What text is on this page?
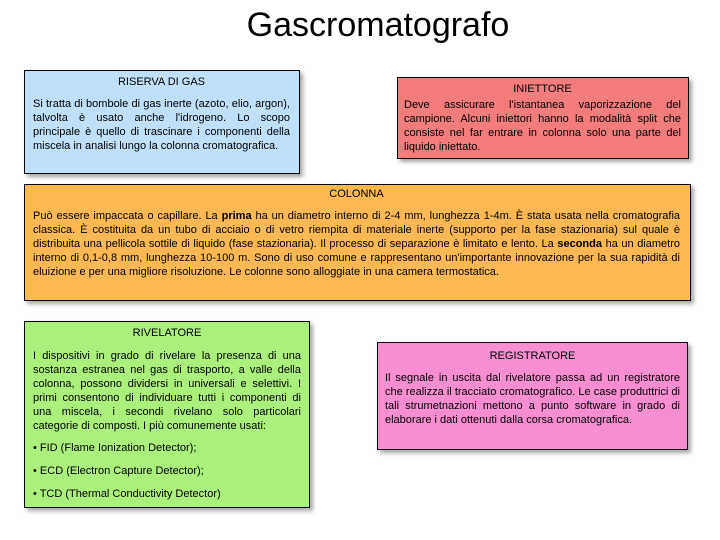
Gascromatografo
RISERVA DI GAS

Si tratta di bombole di gas inerte (azoto, elio, argon), talvolta è usato anche l'idrogeno. Lo scopo principale è quello di trascinare i componenti della miscela in analisi lungo la colonna cromatografica.

INIETTORE

Deve assicurare l'istantanea vaporizzazione del campione. Alcuni iniettori hanno la modalità split che consiste nel far entrare in colonna solo una parte del liquido iniettato.

COLONNA

Può essere impaccata o capillare. La prima ha un diametro interno di 2-4 mm, lunghezza 1-4m. È stata usata nella cromatografia classica. È costituita da un tubo di acciaio o di vetro riempita di materiale inerte (supporto per la fase stazionaria) sul quale è distribuita una pellicola sottile di liquido (fase stazionaria). Il processo di separazione è limitato e lento. La seconda ha un diametro interno di 0,1-0,8 mm, lunghezza 10-100 m. Sono di uso comune e rappresentano un'importante innovazione per la sua rapidità di eluizione e per una migliore risoluzione. Le colonne sono alloggiate in una camera termostatica.

RIVELATORE

I dispositivi in grado di rivelare la presenza di una sostanza estranea nel gas di trasporto, a valle della colonna, possono dividersi in universali e selettivi. I primi consentono di individuare tutti i componenti di una miscela, i secondi rivelano solo particolari categorie di composti. I più comunemente usati:

• FID (Flame Ionization Detector);
• ECD (Electron Capture Detector);
• TCD (Thermal Conductivity Detector)
REGISTRATORE

Il segnale in uscita dal rivelatore passa ad un registratore che realizza il tracciato cromatografico. Le case produttrici di tali strumetnazioni mettono a punto software in grado di elaborare i dati ottenuti dalla corsa cromatografica.
